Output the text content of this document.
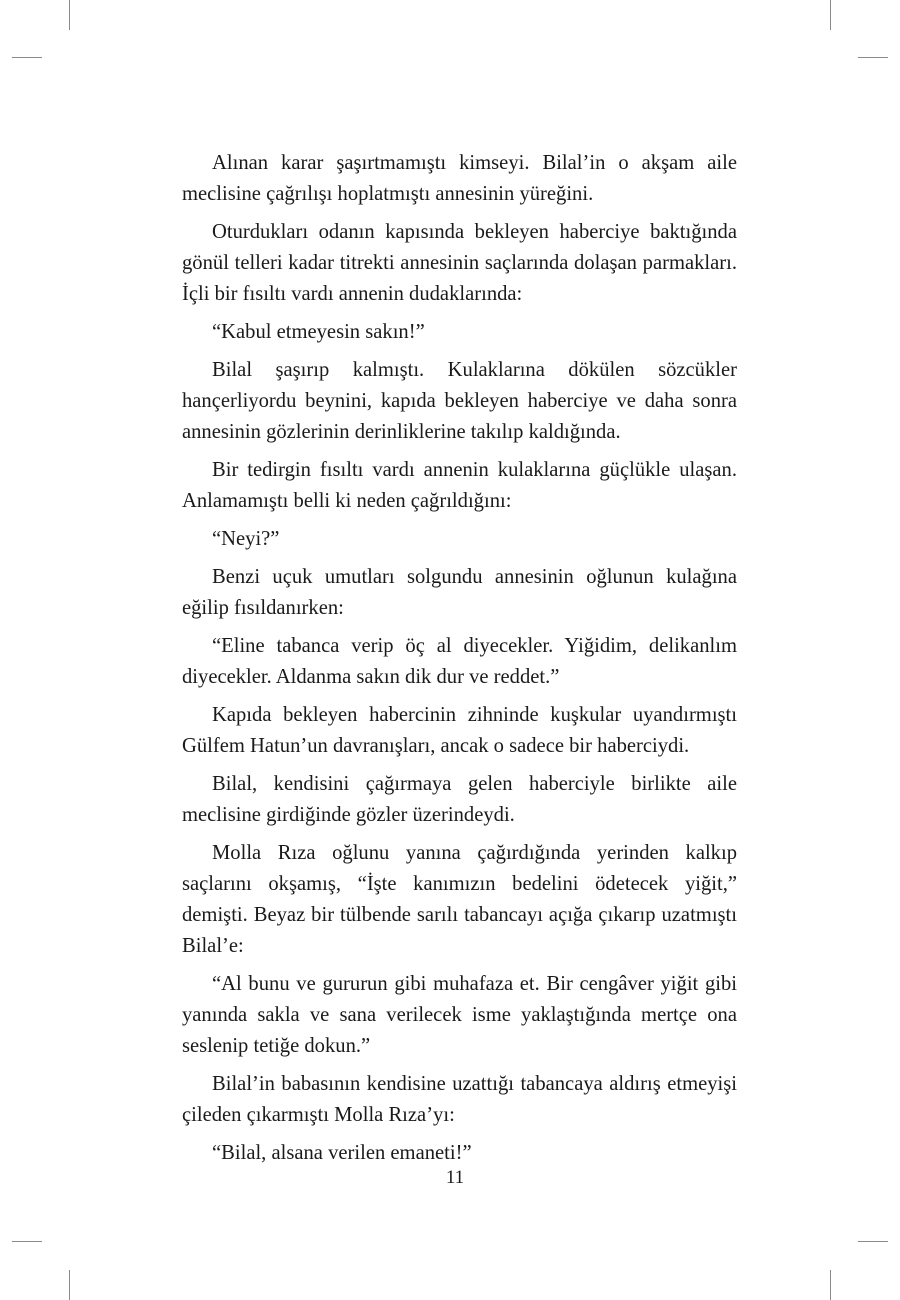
Alınan karar şaşırtmamıştı kimseyi. Bilal’in o akşam aile meclisine çağrılışı hoplatmıştı annesinin yüreğini.

Oturdukları odanın kapısında bekleyen haberciye baktığında gönül telleri kadar titrekti annesinin saçlarında dolaşan parmakları. İçli bir fısıltı vardı annenin dudaklarında:

“Kabul etmeyesin sakın!”

Bilal şaşırıp kalmıştı. Kulaklarına dökülen sözcükler hançerliyordu beynini, kapıda bekleyen haberciye ve daha sonra annesinin gözlerinin derinliklerine takılıp kaldığında.

Bir tedirgin fısıltı vardı annenin kulaklarına güçlükle ulaşan. Anlamamıştı belli ki neden çağrıldığını:

“Neyi?”

Benzi uçuk umutları solgundu annesinin oğlunun kulağına eğilip fısıldanırken:

“Eline tabanca verip öç al diyecekler. Yiğidim, delikanlım diyecekler. Aldanma sakın dik dur ve reddet.”

Kapıda bekleyen habercinin zihninde kuşkular uyandırmıştı Gülfem Hatun’un davranışları, ancak o sadece bir haberciydi.

Bilal, kendisini çağırmaya gelen haberciyle birlikte aile meclisine girdiğinde gözler üzerindeydi.

Molla Rıza oğlunu yanına çağırdığında yerinden kalkıp saçlarını okşamış, “İşte kanımızın bedelini ödetecek yiğit,” demişti. Beyaz bir tülbende sarılı tabancayı açığa çıkarıp uzatmıştı Bilal’e:

“Al bunu ve gururun gibi muhafaza et. Bir cengâver yiğit gibi yanında sakla ve sana verilecek isme yaklaştığında mertçe ona seslenip tetiğe dokun.”

Bilal’in babasının kendisine uzattığı tabancaya aldırış etmeyişi çileden çıkarmıştı Molla Rıza’yı:

“Bilal, alsana verilen emaneti!”

11
